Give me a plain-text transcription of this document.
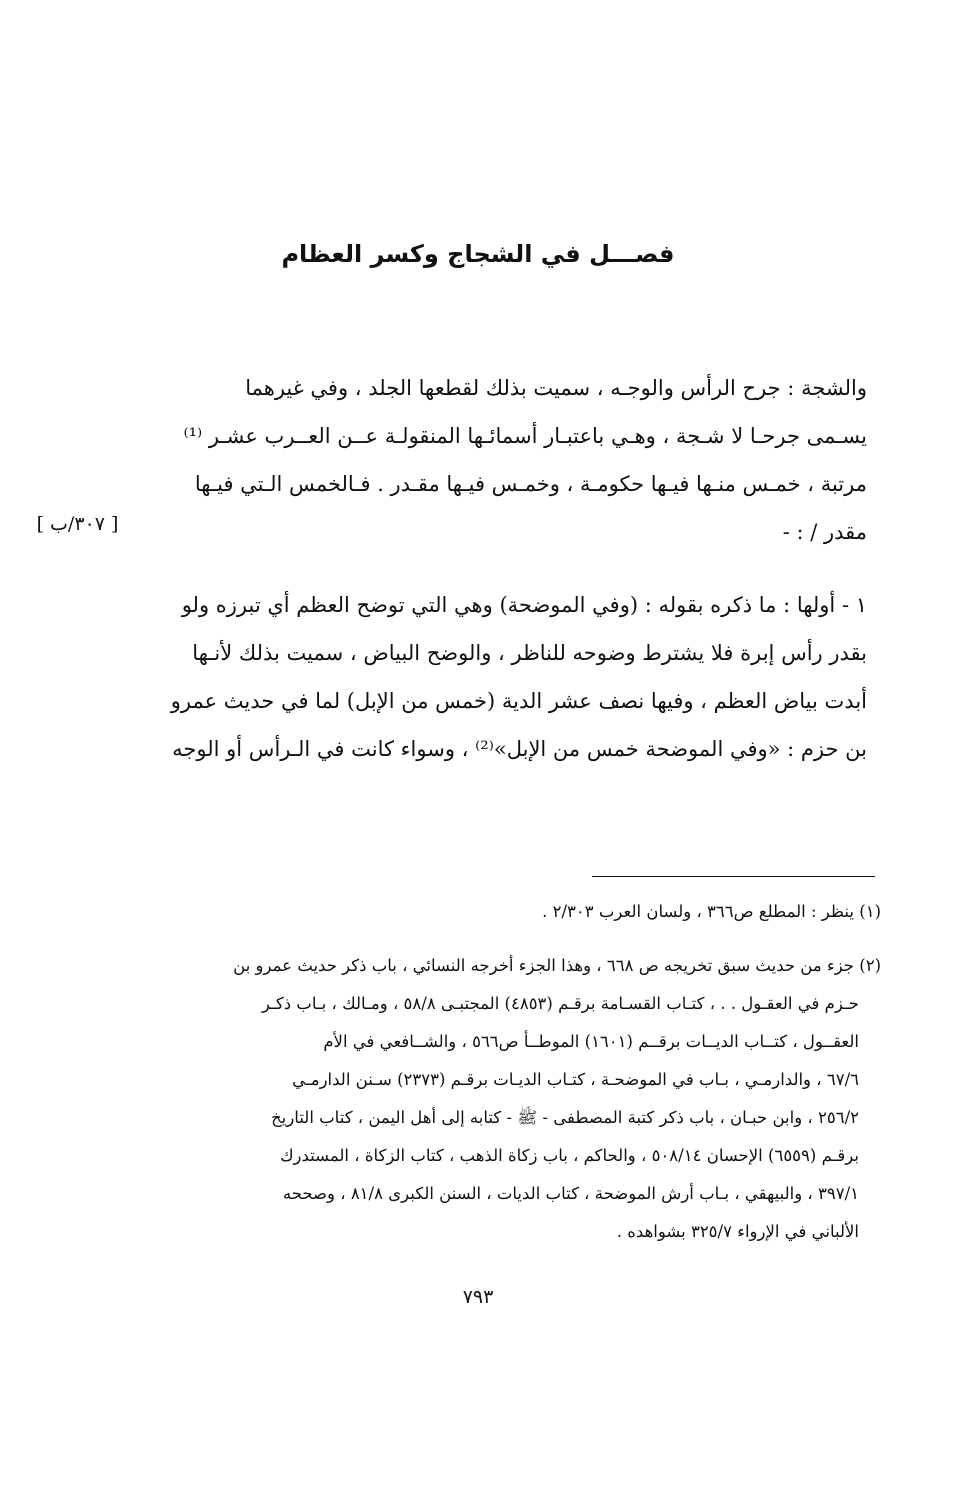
فصـــل في الشجاج وكسر العظام
[ ٣٠٧/ب ]
والشجة : جرح الرأس والوجـه ، سميت بذلك لقطعها الجلد ، وفي غيرهما
يسـمى جرحـا لا شـجة ، وهـي باعتبـار أسمائـها المنقولـة عــن العــرب عشـر ⁽¹⁾
مرتبة ، خمـس منـها فيـها حكومـة ، وخمـس فيـها مقـدر . فـالخمس الـتي فيـها
مقدر / : -
١ - أولها : ما ذكره بقوله : (وفي الموضحة) وهي التي توضح العظم أي تبرزه ولو
بقدر رأس إبرة فلا يشترط وضوحه للناظر ، والوضح البياض ، سميت بذلك لأنـها
أبدت بياض العظم ، وفيها نصف عشر الدية (خمس من الإبل) لما في حديث عمرو
بن حزم : «وفي الموضحة خمس من الإبل»⁽²⁾ ، وسواء كانت في الـرأس أو الوجه
(١) ينظر : المطلع ص٣٦٦ ، ولسان العرب ٢/٣٠٣ .
(٢) جزء من حديث سبق تخريجه ص ٦٦٨ ، وهذا الجزء أخرجه النسائي ، باب ذكر حديث عمرو بن
حـزم في العقـول . . ، كتـاب القسـامة برقـم (٤٨٥٣) المجتبـى ٥٨/٨ ، ومـالك ، بـاب ذكـر
العقــول ، كتــاب الديــات برقــم (١٦٠١) الموطــأ ص٥٦٦ ، والشــافعي في الأم
٦٧/٦ ، والدارمـي ، بـاب في الموضحـة ، كتـاب الديـات برقـم (٢٣٧٣) سـنن الدارمـي
٢٥٦/٢ ، وابن حبـان ، باب ذكر كتبة المصطفى - ﷺ - كتابه إلى أهل اليمن ، كتاب التاريخ
برقـم (٦٥٥٩) الإحسان ٥٠٨/١٤ ، والحاكم ، باب زكاة الذهب ، كتاب الزكاة ، المستدرك
٣٩٧/١ ، والبيهقي ، بـاب أرش الموضحة ، كتاب الديات ، السنن الكبرى ٨١/٨ ، وصححه
الألباني في الإرواء ٣٢٥/٧ بشواهده .
٧٩٣
